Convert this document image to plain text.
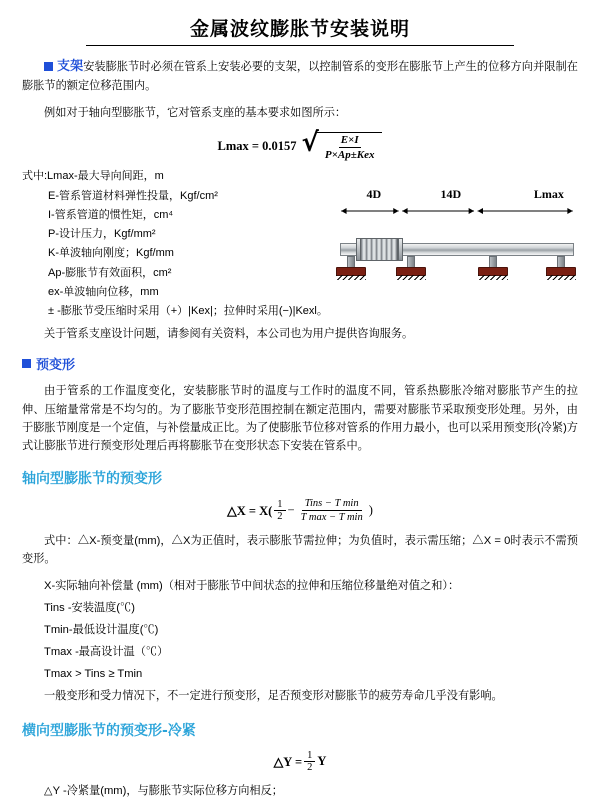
金属波纹膨胀节安装说明

支架安装膨胀节时必须在管系上安装必要的支架，以控制管系的变形在膨胀节上产生的位移方向并限制在膨胀节的额定位移范围内。

例如对于轴向型膨胀节，它对管系支座的基本要求如图所示：

Lmax = 0.0157 √
$\frac{E\times I}{\text{P×Ap±Kex}}$
式中:Lmax-最大导向间距，m
E-管系管道材料弹性投量，Kgf/cm²
I-管系管道的惯性矩，cm⁴
P-设计压力，Kgf/mm²
K-单波轴向刚度；Kgf/mm
Ap-膨胀节有效面积，cm²
ex-单波轴向位移，mm
± -膨胀节受压缩时采用（+）|Kex|；拉伸时采用(−)|Kexl。
4D	14D	Lmax

关于管系支座设计问题，请参阅有关资料，本公司也为用户提供咨询服务。

预变形

由于管系的工作温度变化，安装膨胀节时的温度与工作时的温度不同，管系热膨胀冷缩对膨胀节产生的拉伸、压缩量常常是不均匀的。为了膨胀节变形范围控制在额定范围内，需要对膨胀节采取预变形处理。另外，由于膨胀节刚度是一个定值，与补偿量成正比。为了使膨胀节位移对管系的作用力最小，也可以采用预变形(冷紧)方式让膨胀节进行预变形处理后再将膨胀节在变形状态下安装在管系中。

轴向型膨胀节的预变形
△X = $X( \frac{1}{2} - \frac{\text{Tins − T min}}{\text{T max − T min}}$ )

式中：△X-预变量(mm)，△X为正值时，表示膨胀节需拉伸；为负值时，表示需压缩；△X = 0时表示不需预变形。

X-实际轴向补偿量 (mm)（相对于膨胀节中间状态的拉伸和压缩位移量绝对值之和）：

Tins -安装温度(℃)

Tmin-最低设计温度(℃)

Tmax -最高设计温（℃）

Tmax > Tins ≥ Tmin

一般变形和受力情况下，不一定进行预变形，足否预变形对膨胀节的疲劳寿命几乎没有影响。

横向型膨胀节的预变形-冷紧
△Y = $\frac{1}{2}$ Y

△Y -冷紧量(mm)，与膨胀节实际位移方向相反；
